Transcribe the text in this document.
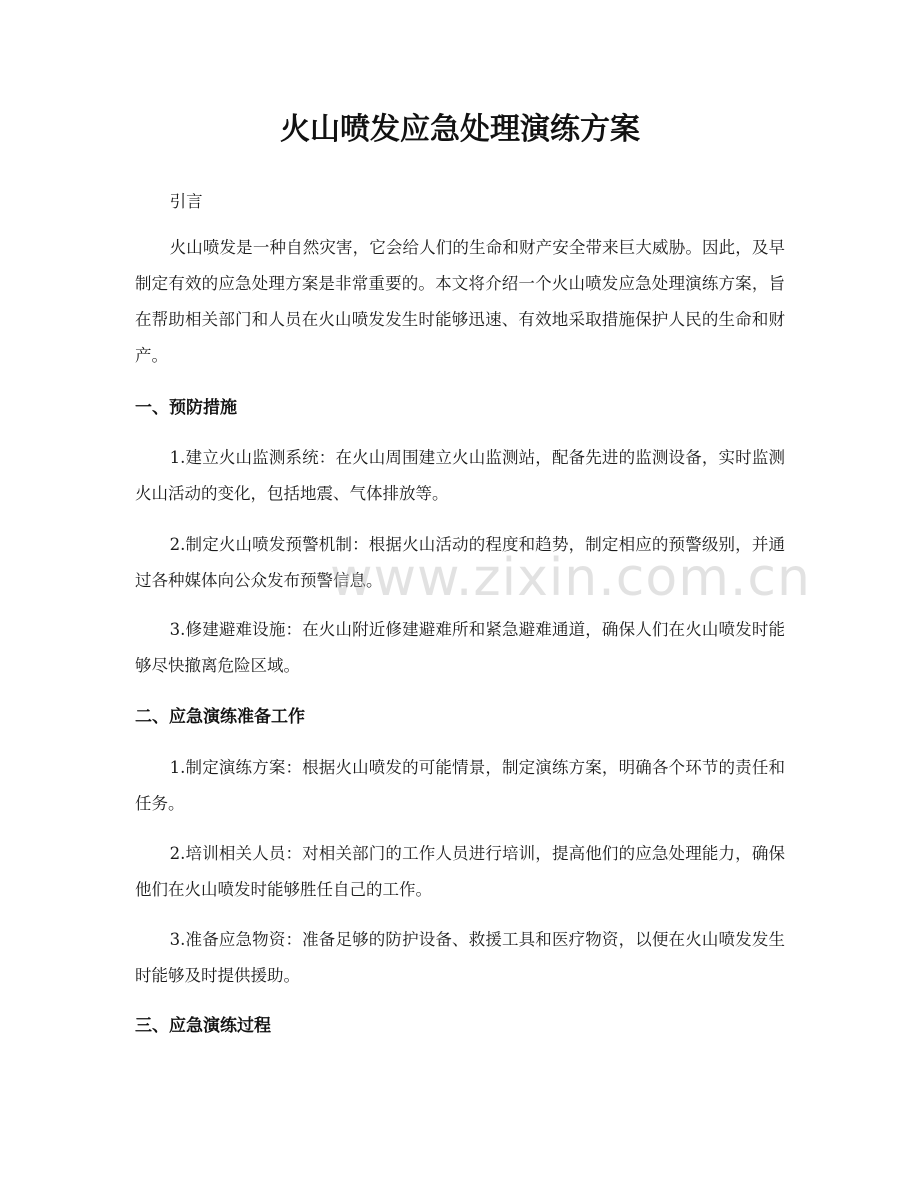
火山喷发应急处理演练方案

引言

火山喷发是一种自然灾害，它会给人们的生命和财产安全带来巨大威胁。因此，及早制定有效的应急处理方案是非常重要的。本文将介绍一个火山喷发应急处理演练方案，旨在帮助相关部门和人员在火山喷发发生时能够迅速、有效地采取措施保护人民的生命和财产。

一、预防措施

1.建立火山监测系统：在火山周围建立火山监测站，配备先进的监测设备，实时监测火山活动的变化，包括地震、气体排放等。

2.制定火山喷发预警机制：根据火山活动的程度和趋势，制定相应的预警级别，并通过各种媒体向公众发布预警信息。

3.修建避难设施：在火山附近修建避难所和紧急避难通道，确保人们在火山喷发时能够尽快撤离危险区域。

二、应急演练准备工作

1.制定演练方案：根据火山喷发的可能情景，制定演练方案，明确各个环节的责任和任务。

2.培训相关人员：对相关部门的工作人员进行培训，提高他们的应急处理能力，确保他们在火山喷发时能够胜任自己的工作。

3.准备应急物资：准备足够的防护设备、救援工具和医疗物资，以便在火山喷发发生时能够及时提供援助。

三、应急演练过程
www.zixin.com.cn
